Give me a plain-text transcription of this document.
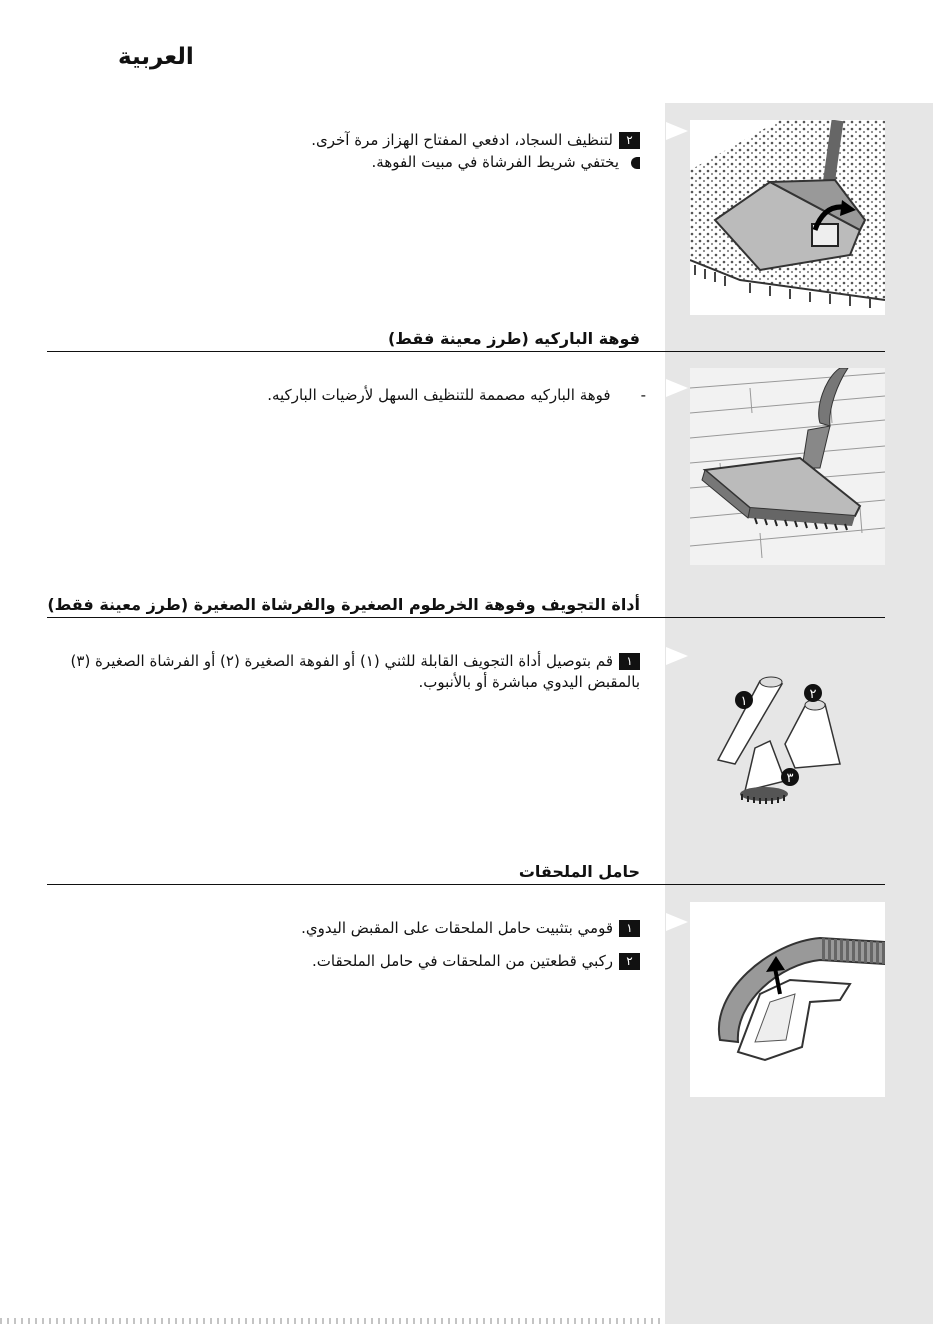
العربية
٢لتنظيف السجاد، ادفعي المفتاح الهزاز مرة آخرى.
يختفي شريط الفرشاة في مبيت الفوهة.
فوهة الباركيه (طرز معينة فقط)
-فوهة الباركيه مصممة للتنظيف السهل لأرضيات الباركيه.
أداة التجويف وفوهة الخرطوم الصغيرة والفرشاة الصغيرة (طرز معينة فقط)
١قم بتوصيل أداة التجويف القابلة للثني (١) أو الفوهة الصغيرة (٢) أو الفرشاة الصغيرة (٣)
بالمقبض اليدوي مباشرة أو بالأنبوب.
١	٢
٣
حامل الملحقات
١قومي بتثبيت حامل الملحقات على المقبض اليدوي.
٢ركبي قطعتين من الملحقات في حامل الملحقات.
